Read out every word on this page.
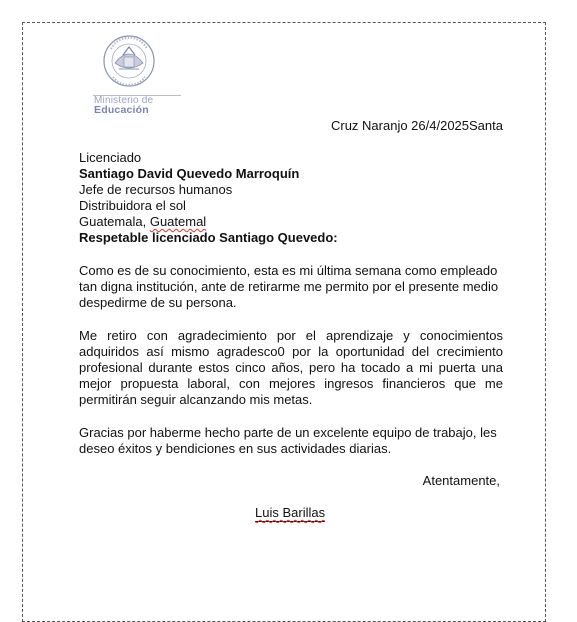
Ministerio de
Educación
Cruz Naranjo 26/4/2025Santa
Licenciado
Santiago David Quevedo Marroquín
Jefe de recursos humanos
Distribuidora el sol
Guatemala, Guatemal
Respetable licenciado Santiago Quevedo:
Como es de su conocimiento, esta es mi última semana como empleado tan digna institución, ante de retirarme me permito por el presente medio despedirme de su persona.
Me retiro con agradecimiento por el aprendizaje y conocimientos adquiridos así mismo agradesco0 por la oportunidad del crecimiento profesional durante estos cinco años, pero ha tocado a mi puerta una mejor propuesta laboral, con mejores ingresos financieros que me permitirán seguir alcanzando mis metas.
Gracias por haberme hecho parte de un excelente equipo de trabajo, les deseo éxitos y bendiciones en sus actividades diarias.
Atentamente,
Luis Barillas
